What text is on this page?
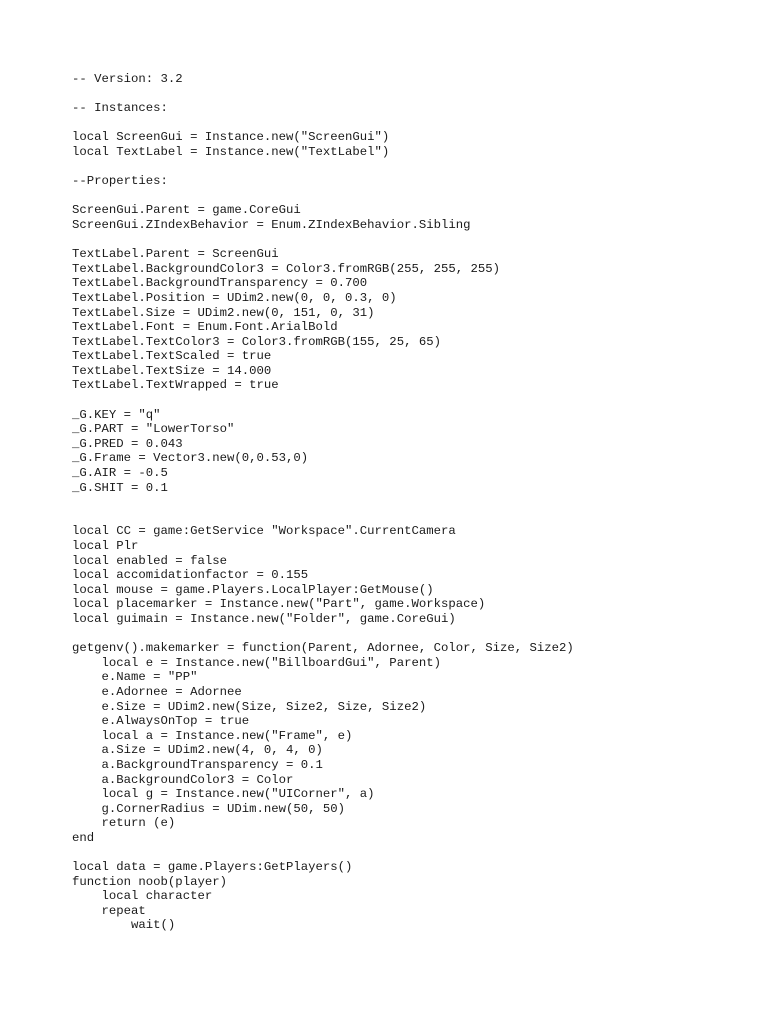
-- Version: 3.2
-- Instances:
local ScreenGui = Instance.new("ScreenGui")
local TextLabel = Instance.new("TextLabel")
--Properties:
ScreenGui.Parent = game.CoreGui
ScreenGui.ZIndexBehavior = Enum.ZIndexBehavior.Sibling
TextLabel.Parent = ScreenGui
TextLabel.BackgroundColor3 = Color3.fromRGB(255, 255, 255)
TextLabel.BackgroundTransparency = 0.700
TextLabel.Position = UDim2.new(0, 0, 0.3, 0)
TextLabel.Size = UDim2.new(0, 151, 0, 31)
TextLabel.Font = Enum.Font.ArialBold
TextLabel.TextColor3 = Color3.fromRGB(155, 25, 65)
TextLabel.TextScaled = true
TextLabel.TextSize = 14.000
TextLabel.TextWrapped = true
_G.KEY = "q"
_G.PART = "LowerTorso"
_G.PRED = 0.043
_G.Frame = Vector3.new(0,0.53,0)
_G.AIR = -0.5
_G.SHIT = 0.1
local CC = game:GetService "Workspace".CurrentCamera
local Plr
local enabled = false
local accomidationfactor = 0.155
local mouse = game.Players.LocalPlayer:GetMouse()
local placemarker = Instance.new("Part", game.Workspace)
local guimain = Instance.new("Folder", game.CoreGui)
getgenv().makemarker = function(Parent, Adornee, Color, Size, Size2)
local e = Instance.new("BillboardGui", Parent)
e.Name = "PP"
e.Adornee = Adornee
e.Size = UDim2.new(Size, Size2, Size, Size2)
e.AlwaysOnTop = true
local a = Instance.new("Frame", e)
a.Size = UDim2.new(4, 0, 4, 0)
a.BackgroundTransparency = 0.1
a.BackgroundColor3 = Color
local g = Instance.new("UICorner", a)
g.CornerRadius = UDim.new(50, 50)
return (e)
end
local data = game.Players:GetPlayers()
function noob(player)
local character
repeat
wait()
